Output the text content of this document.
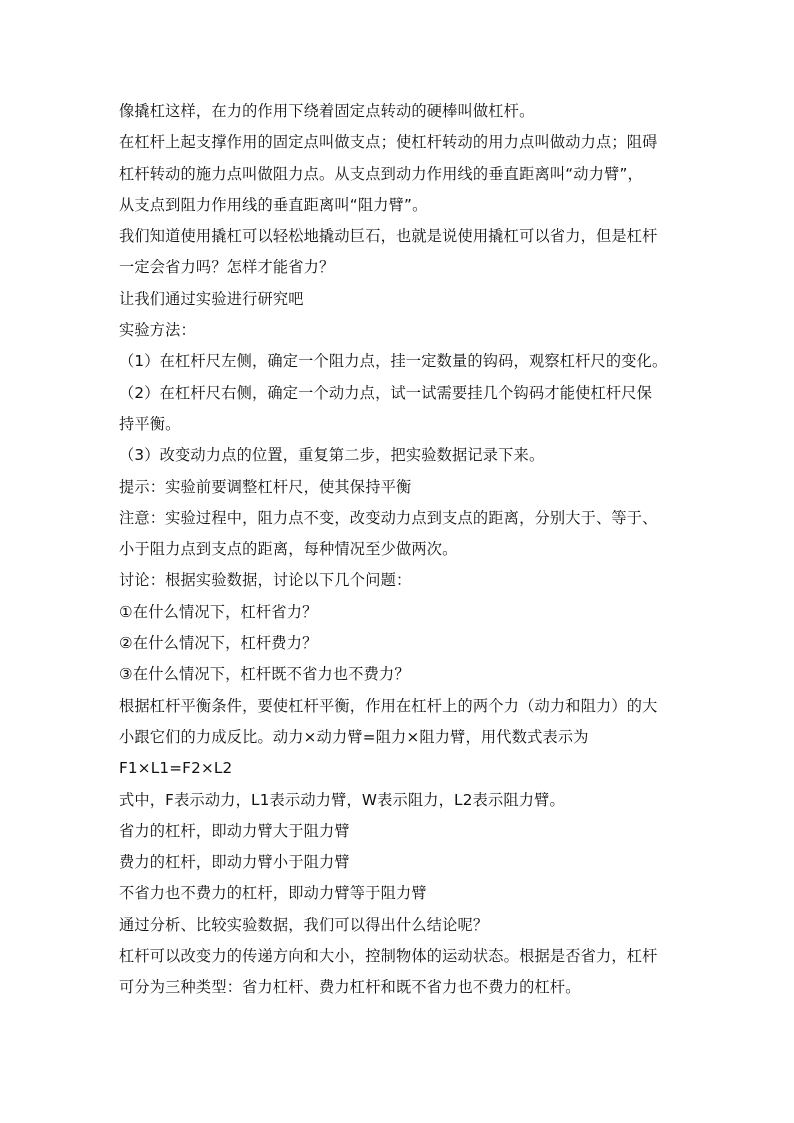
像撬杠这样，在力的作用下绕着固定点转动的硬棒叫做杠杆。
在杠杆上起支撑作用的固定点叫做支点；使杠杆转动的用力点叫做动力点；阻碍
杠杆转动的施力点叫做阻力点。从支点到动力作用线的垂直距离叫“动力臂”，
从支点到阻力作用线的垂直距离叫“阻力臂”。
我们知道使用撬杠可以轻松地撬动巨石，也就是说使用撬杠可以省力，但是杠杆
一定会省力吗？怎样才能省力？
让我们通过实验进行研究吧
实验方法：
（1）在杠杆尺左侧，确定一个阻力点，挂一定数量的钩码，观察杠杆尺的变化。
（2）在杠杆尺右侧，确定一个动力点，试一试需要挂几个钩码才能使杠杆尺保
持平衡。
（3）改变动力点的位置，重复第二步，把实验数据记录下来。
提示：实验前要调整杠杆尺，使其保持平衡
注意：实验过程中，阻力点不变，改变动力点到支点的距离，分别大于、等于、
小于阻力点到支点的距离，每种情况至少做两次。
讨论：根据实验数据，讨论以下几个问题：
①在什么情况下，杠杆省力？
②在什么情况下，杠杆费力？
③在什么情况下，杠杆既不省力也不费力？
根据杠杆平衡条件，要使杠杆平衡，作用在杠杆上的两个力（动力和阻力）的大
小跟它们的力成反比。动力×动力臂=阻力×阻力臂，用代数式表示为
F1×L1=F2×L2
式中，F表示动力，L1表示动力臂，W表示阻力，L2表示阻力臂。
省力的杠杆，即动力臂大于阻力臂
费力的杠杆，即动力臂小于阻力臂
不省力也不费力的杠杆，即动力臂等于阻力臂
通过分析、比较实验数据，我们可以得出什么结论呢？
杠杆可以改变力的传递方向和大小，控制物体的运动状态。根据是否省力，杠杆
可分为三种类型：省力杠杆、费力杠杆和既不省力也不费力的杠杆。
